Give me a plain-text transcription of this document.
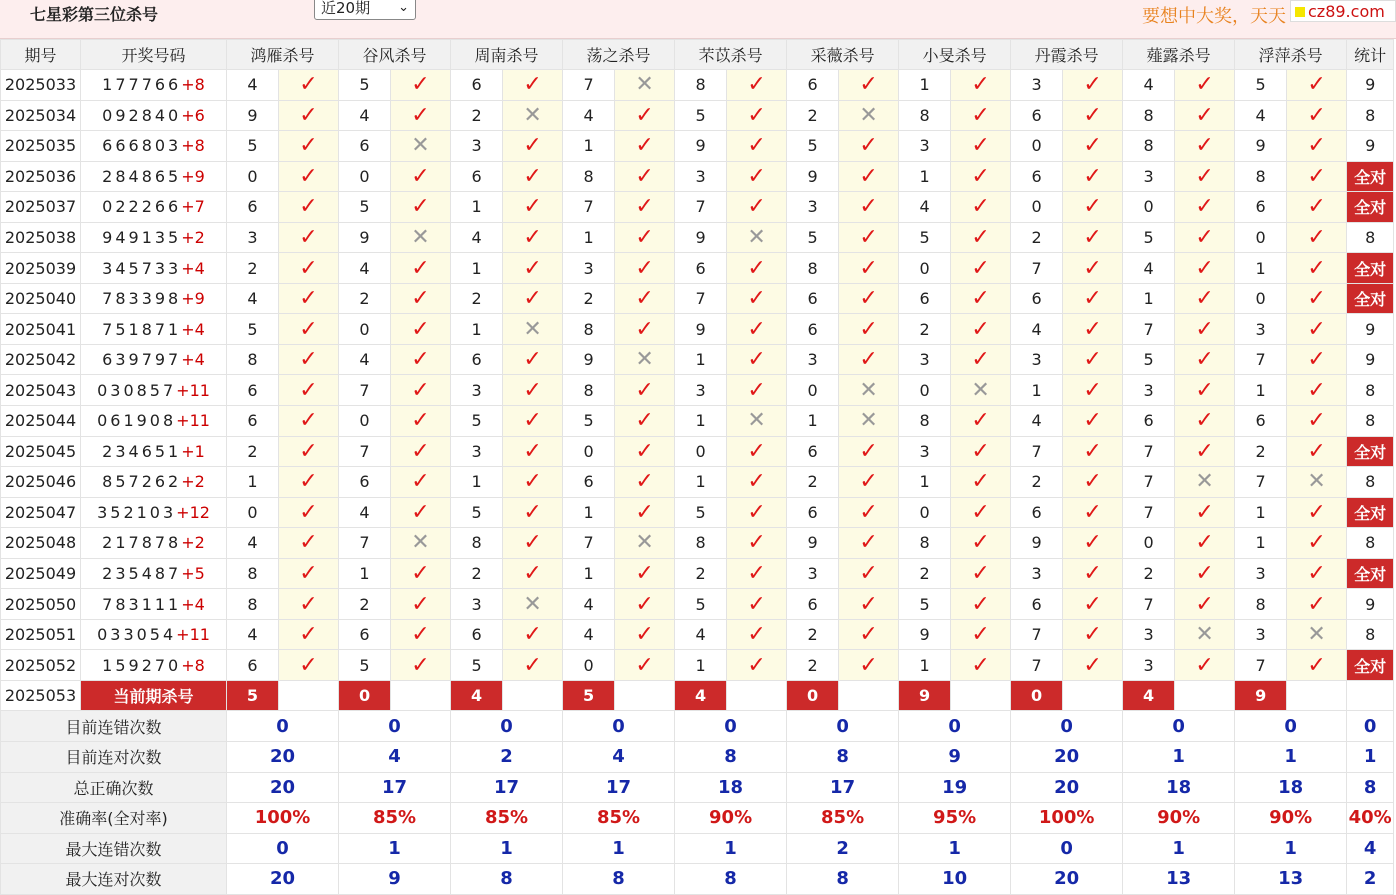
七星彩第三位杀号	近20期 ⌄	要想中大奖，天天	cz89.com
期号	开奖号码	鸿雁杀号		谷风杀号		周南杀号		荡之杀号		芣苡杀号		采薇杀号		小旻杀号		丹霞杀号		薤露杀号		浮萍杀号		统计
2025033	177766+8	4	✓	5	✓	6	✓	7	✕	8	✓	6	✓	1	✓	3	✓	4	✓	5	✓	9
2025034	092840+6	9	✓	4	✓	2	✕	4	✓	5	✓	2	✕	8	✓	6	✓	8	✓	4	✓	8
2025035	666803+8	5	✓	6	✕	3	✓	1	✓	9	✓	5	✓	3	✓	0	✓	8	✓	9	✓	9
2025036	284865+9	0	✓	0	✓	6	✓	8	✓	3	✓	9	✓	1	✓	6	✓	3	✓	8	✓	全对
2025037	022266+7	6	✓	5	✓	1	✓	7	✓	7	✓	3	✓	4	✓	0	✓	0	✓	6	✓	全对
2025038	949135+2	3	✓	9	✕	4	✓	1	✓	9	✕	5	✓	5	✓	2	✓	5	✓	0	✓	8
2025039	345733+4	2	✓	4	✓	1	✓	3	✓	6	✓	8	✓	0	✓	7	✓	4	✓	1	✓	全对
2025040	783398+9	4	✓	2	✓	2	✓	2	✓	7	✓	6	✓	6	✓	6	✓	1	✓	0	✓	全对
2025041	751871+4	5	✓	0	✓	1	✕	8	✓	9	✓	6	✓	2	✓	4	✓	7	✓	3	✓	9
2025042	639797+4	8	✓	4	✓	6	✓	9	✕	1	✓	3	✓	3	✓	3	✓	5	✓	7	✓	9
2025043	030857+11	6	✓	7	✓	3	✓	8	✓	3	✓	0	✕	0	✕	1	✓	3	✓	1	✓	8
2025044	061908+11	6	✓	0	✓	5	✓	5	✓	1	✕	1	✕	8	✓	4	✓	6	✓	6	✓	8
2025045	234651+1	2	✓	7	✓	3	✓	0	✓	0	✓	6	✓	3	✓	7	✓	7	✓	2	✓	全对
2025046	857262+2	1	✓	6	✓	1	✓	6	✓	1	✓	2	✓	1	✓	2	✓	7	✕	7	✕	8
2025047	352103+12	0	✓	4	✓	5	✓	1	✓	5	✓	6	✓	0	✓	6	✓	7	✓	1	✓	全对
2025048	217878+2	4	✓	7	✕	8	✓	7	✕	8	✓	9	✓	8	✓	9	✓	0	✓	1	✓	8
2025049	235487+5	8	✓	1	✓	2	✓	1	✓	2	✓	3	✓	2	✓	3	✓	2	✓	3	✓	全对
2025050	783111+4	8	✓	2	✓	3	✕	4	✓	5	✓	6	✓	5	✓	6	✓	7	✓	8	✓	9
2025051	033054+11	4	✓	6	✓	6	✓	4	✓	4	✓	2	✓	9	✓	7	✓	3	✕	3	✕	8
2025052	159270+8	6	✓	5	✓	5	✓	0	✓	1	✓	2	✓	1	✓	7	✓	3	✓	7	✓	全对
2025053	当前期杀号	5		0		4		5		4		0		9		0		4		9		
目前连错次数		0		0		0		0		0		0		0		0		0		0		0
目前连对次数		20		4		2		4		8		8		9		20		1		1		1
总正确次数		20		17		17		17		18		17		19		20		18		18		8
准确率(全对率)		100%		85%		85%		85%		90%		85%		95%		100%		90%		90%		40%
最大连错次数		0		1		1		1		1		2		1		0		1		1		4
最大连对次数		20		9		8		8		8		8		10		20		13		13		2
